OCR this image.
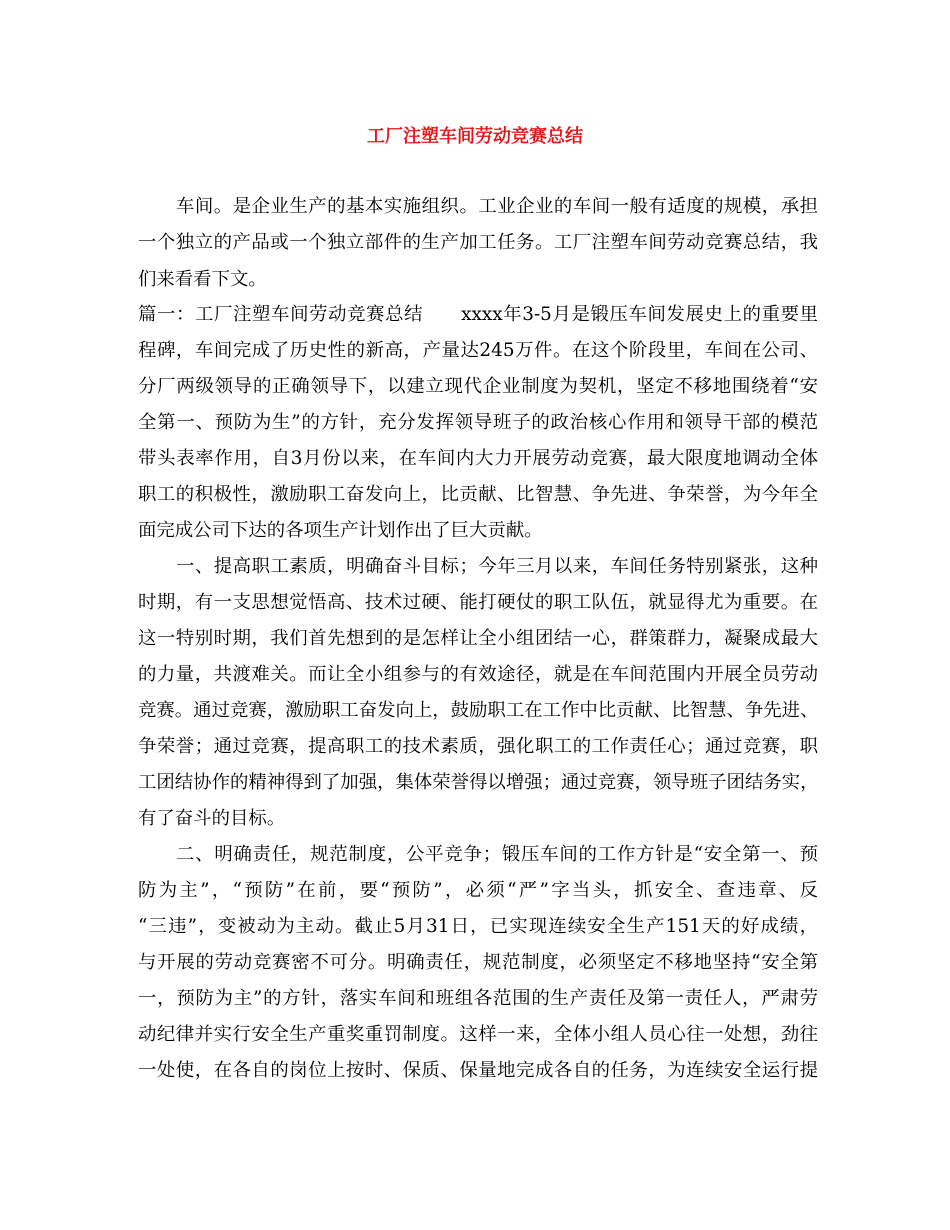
工厂注塑车间劳动竞赛总结

车间。是企业生产的基本实施组织。工业企业的车间一般有适度的规模，承担

一个独立的产品或一个独立部件的生产加工任务。工厂注塑车间劳动竞赛总结，我

们来看看下文。

篇一：工厂注塑车间劳动竞赛总结　　xxxx年3-5月是锻压车间发展史上的重要里

程碑，车间完成了历史性的新高，产量达245万件。在这个阶段里，车间在公司、

分厂两级领导的正确领导下，以建立现代企业制度为契机，坚定不移地围绕着“安

全第一、预防为生”的方针，充分发挥领导班子的政治核心作用和领导干部的模范

带头表率作用，自3月份以来，在车间内大力开展劳动竞赛，最大限度地调动全体

职工的积极性，激励职工奋发向上，比贡献、比智慧、争先进、争荣誉，为今年全

面完成公司下达的各项生产计划作出了巨大贡献。

一、提高职工素质，明确奋斗目标；今年三月以来，车间任务特别紧张，这种

时期，有一支思想觉悟高、技术过硬、能打硬仗的职工队伍，就显得尤为重要。在

这一特别时期，我们首先想到的是怎样让全小组团结一心，群策群力，凝聚成最大

的力量，共渡难关。而让全小组参与的有效途径，就是在车间范围内开展全员劳动

竞赛。通过竞赛，激励职工奋发向上，鼓励职工在工作中比贡献、比智慧、争先进、

争荣誉；通过竞赛，提高职工的技术素质，强化职工的工作责任心；通过竞赛，职

工团结协作的精神得到了加强，集体荣誉得以增强；通过竞赛，领导班子团结务实，

有了奋斗的目标。

二、明确责任，规范制度，公平竞争；锻压车间的工作方针是“安全第一、预

防为主”，“预防”在前，要“预防”，必须“严”字当头，抓安全、查违章、反

“三违”，变被动为主动。截止5月31日，已实现连续安全生产151天的好成绩，

与开展的劳动竞赛密不可分。明确责任，规范制度，必须坚定不移地坚持“安全第

一，预防为主”的方针，落实车间和班组各范围的生产责任及第一责任人，严肃劳

动纪律并实行安全生产重奖重罚制度。这样一来，全体小组人员心往一处想，劲往

一处使，在各自的岗位上按时、保质、保量地完成各自的任务，为连续安全运行提
